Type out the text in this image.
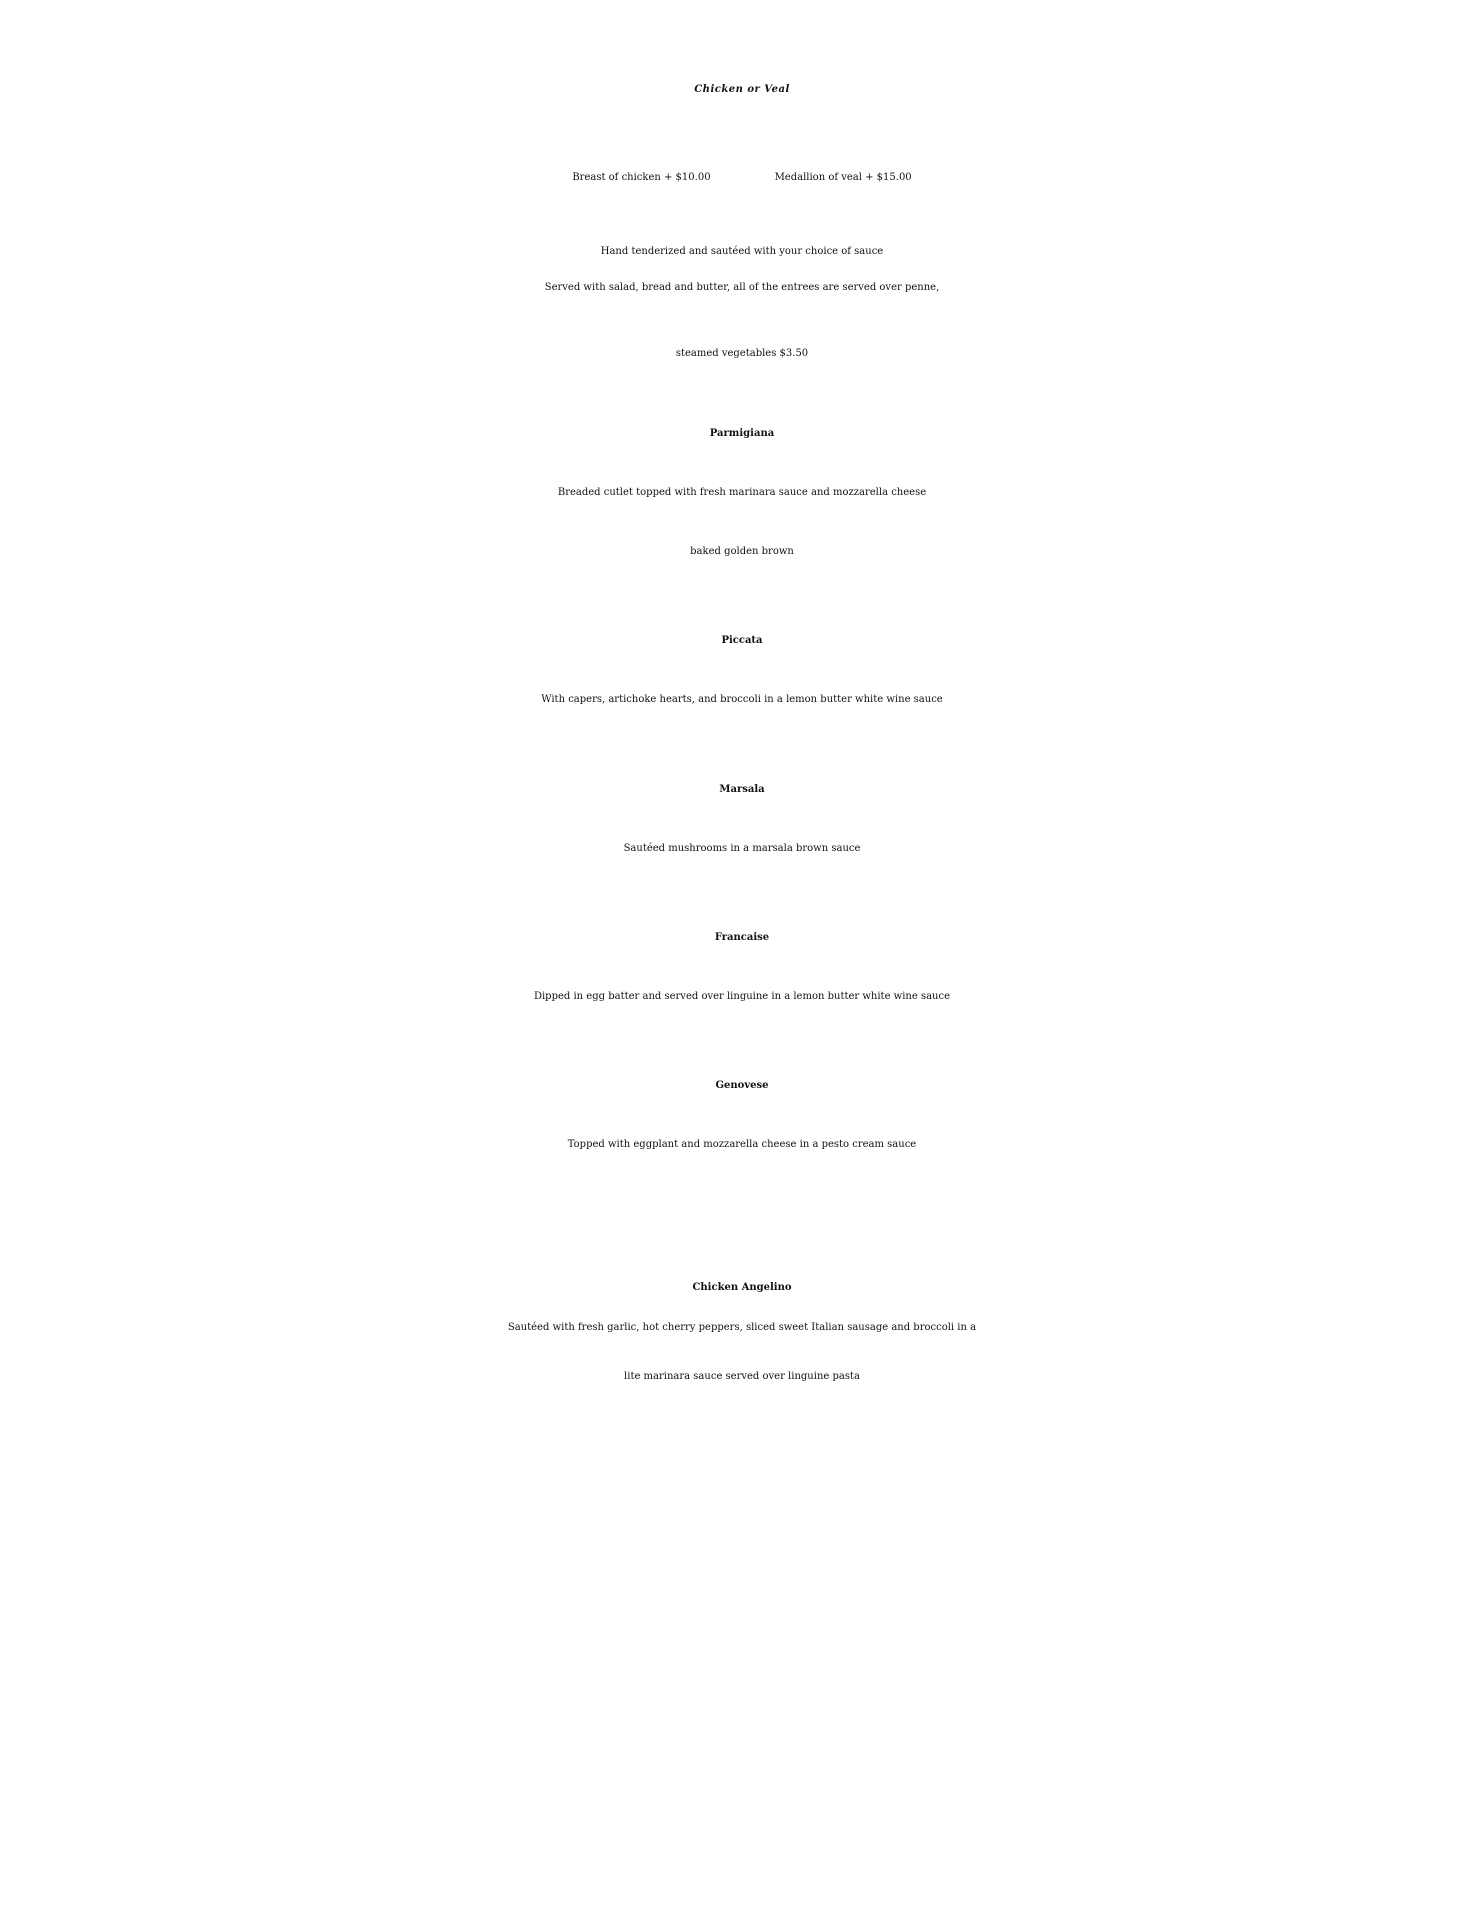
Chicken or Veal
Breast of chicken + $10.00	Medallion of veal + $15.00
Hand tenderized and sautéed with your choice of sauce
Served with salad, bread and butter, all of the entrees are served over penne,
steamed vegetables $3.50
Parmigiana
Breaded cutlet topped with fresh marinara sauce and mozzarella cheese
baked golden brown
Piccata
With capers, artichoke hearts, and broccoli in a lemon butter white wine sauce
Marsala
Sautéed mushrooms in a marsala brown sauce
Francaise
Dipped in egg batter and served over linguine in a lemon butter white wine sauce
Genovese
Topped with eggplant and mozzarella cheese in a pesto cream sauce
Chicken Angelino
Sautéed with fresh garlic, hot cherry peppers, sliced sweet Italian sausage and broccoli in a
lite marinara sauce served over linguine pasta
